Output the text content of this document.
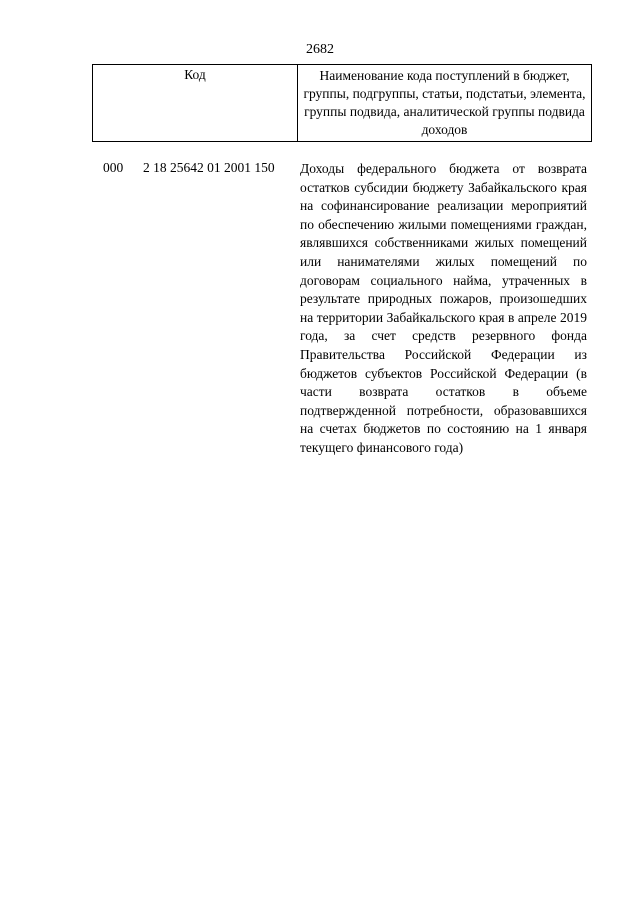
2682
Код	Наименование кода поступлений в бюджет, группы, подгруппы, статьи, подстатьи, элемента, группы подвида, аналитической группы подвида доходов
000 2 18 25642 01 2001 150 Доходы федерального бюджета от возврата остатков субсидии бюджету Забайкальского края на софинансирование реализации мероприятий по обеспечению жилыми помещениями граждан, являвшихся собственниками жилых помещений или нанимателями жилых помещений по договорам социального найма, утраченных в результате природных пожаров, произошедших на территории Забайкальского края в апреле 2019 года, за счет средств резервного фонда Правительства Российской Федерации из бюджетов субъектов Российской Федерации (в части возврата остатков в объеме подтвержденной потребности, образовавшихся на счетах бюджетов по состоянию на 1 января текущего финансового года)
